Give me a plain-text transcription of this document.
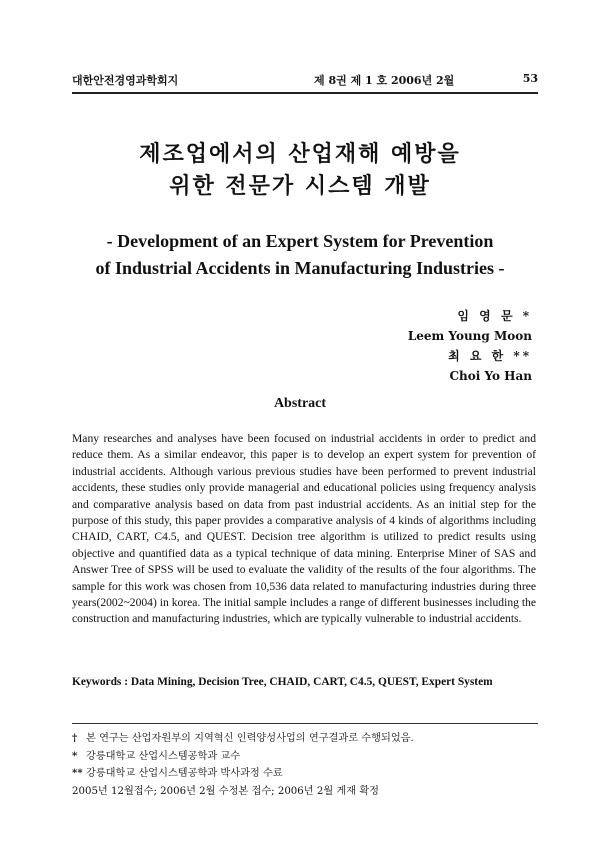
대한안전경영과학회지	제 8권 제 1 호 2006년 2월	53
제조업에서의 산업재해 예방을
위한 전문가 시스템 개발
- Development of an Expert System for Prevention
of Industrial Accidents in Manufacturing Industries -
임 영 문 *
Leem Young Moon
최 요 한 **
Choi Yo Han
Abstract
Many researches and analyses have been focused on industrial accidents in order to predict and reduce them. As a similar endeavor, this paper is to develop an expert system for prevention of industrial accidents. Although various previous studies have been performed to prevent industrial accidents, these studies only provide managerial and educational policies using frequency analysis and comparative analysis based on data from past industrial accidents. As an initial step for the purpose of this study, this paper provides a comparative analysis of 4 kinds of algorithms including CHAID, CART, C4.5, and QUEST. Decision tree algorithm is utilized to predict results using objective and quantified data as a typical technique of data mining. Enterprise Miner of SAS and Answer Tree of SPSS will be used to evaluate the validity of the results of the four algorithms. The sample for this work was chosen from 10,536 data related to manufacturing industries during three years(2002~2004) in korea. The initial sample includes a range of different businesses including the construction and manufacturing industries, which are typically vulnerable to industrial accidents.
Keywords : Data Mining, Decision Tree, CHAID, CART, C4.5, QUEST, Expert System
† 본 연구는 산업자원부의 지역혁신 인력양성사업의 연구결과로 수행되었음.
* 강릉대학교 산업시스템공학과 교수
** 강릉대학교 산업시스템공학과 박사과정 수료
2005년 12월접수; 2006년 2월 수정본 접수; 2006년 2월 게재 확정
